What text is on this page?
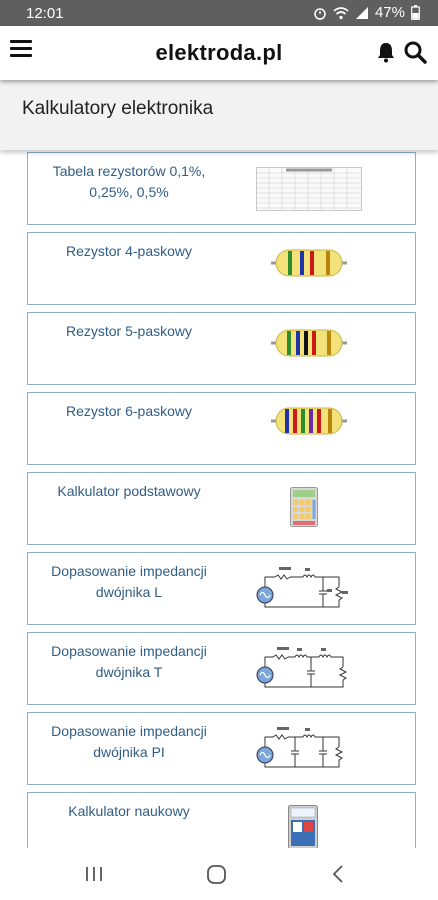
12:01	47%
elektroda.pl
Kalkulatory elektronika
Tabela rezystorów 0,1%, 0,25%, 0,5%
Rezystor 4-paskowy
Rezystor 5-paskowy
Rezystor 6-paskowy
Kalkulator podstawowy
Dopasowanie impedancji dwójnika L
Dopasowanie impedancji dwójnika T
Dopasowanie impedancji dwójnika PI
Kalkulator naukowy
